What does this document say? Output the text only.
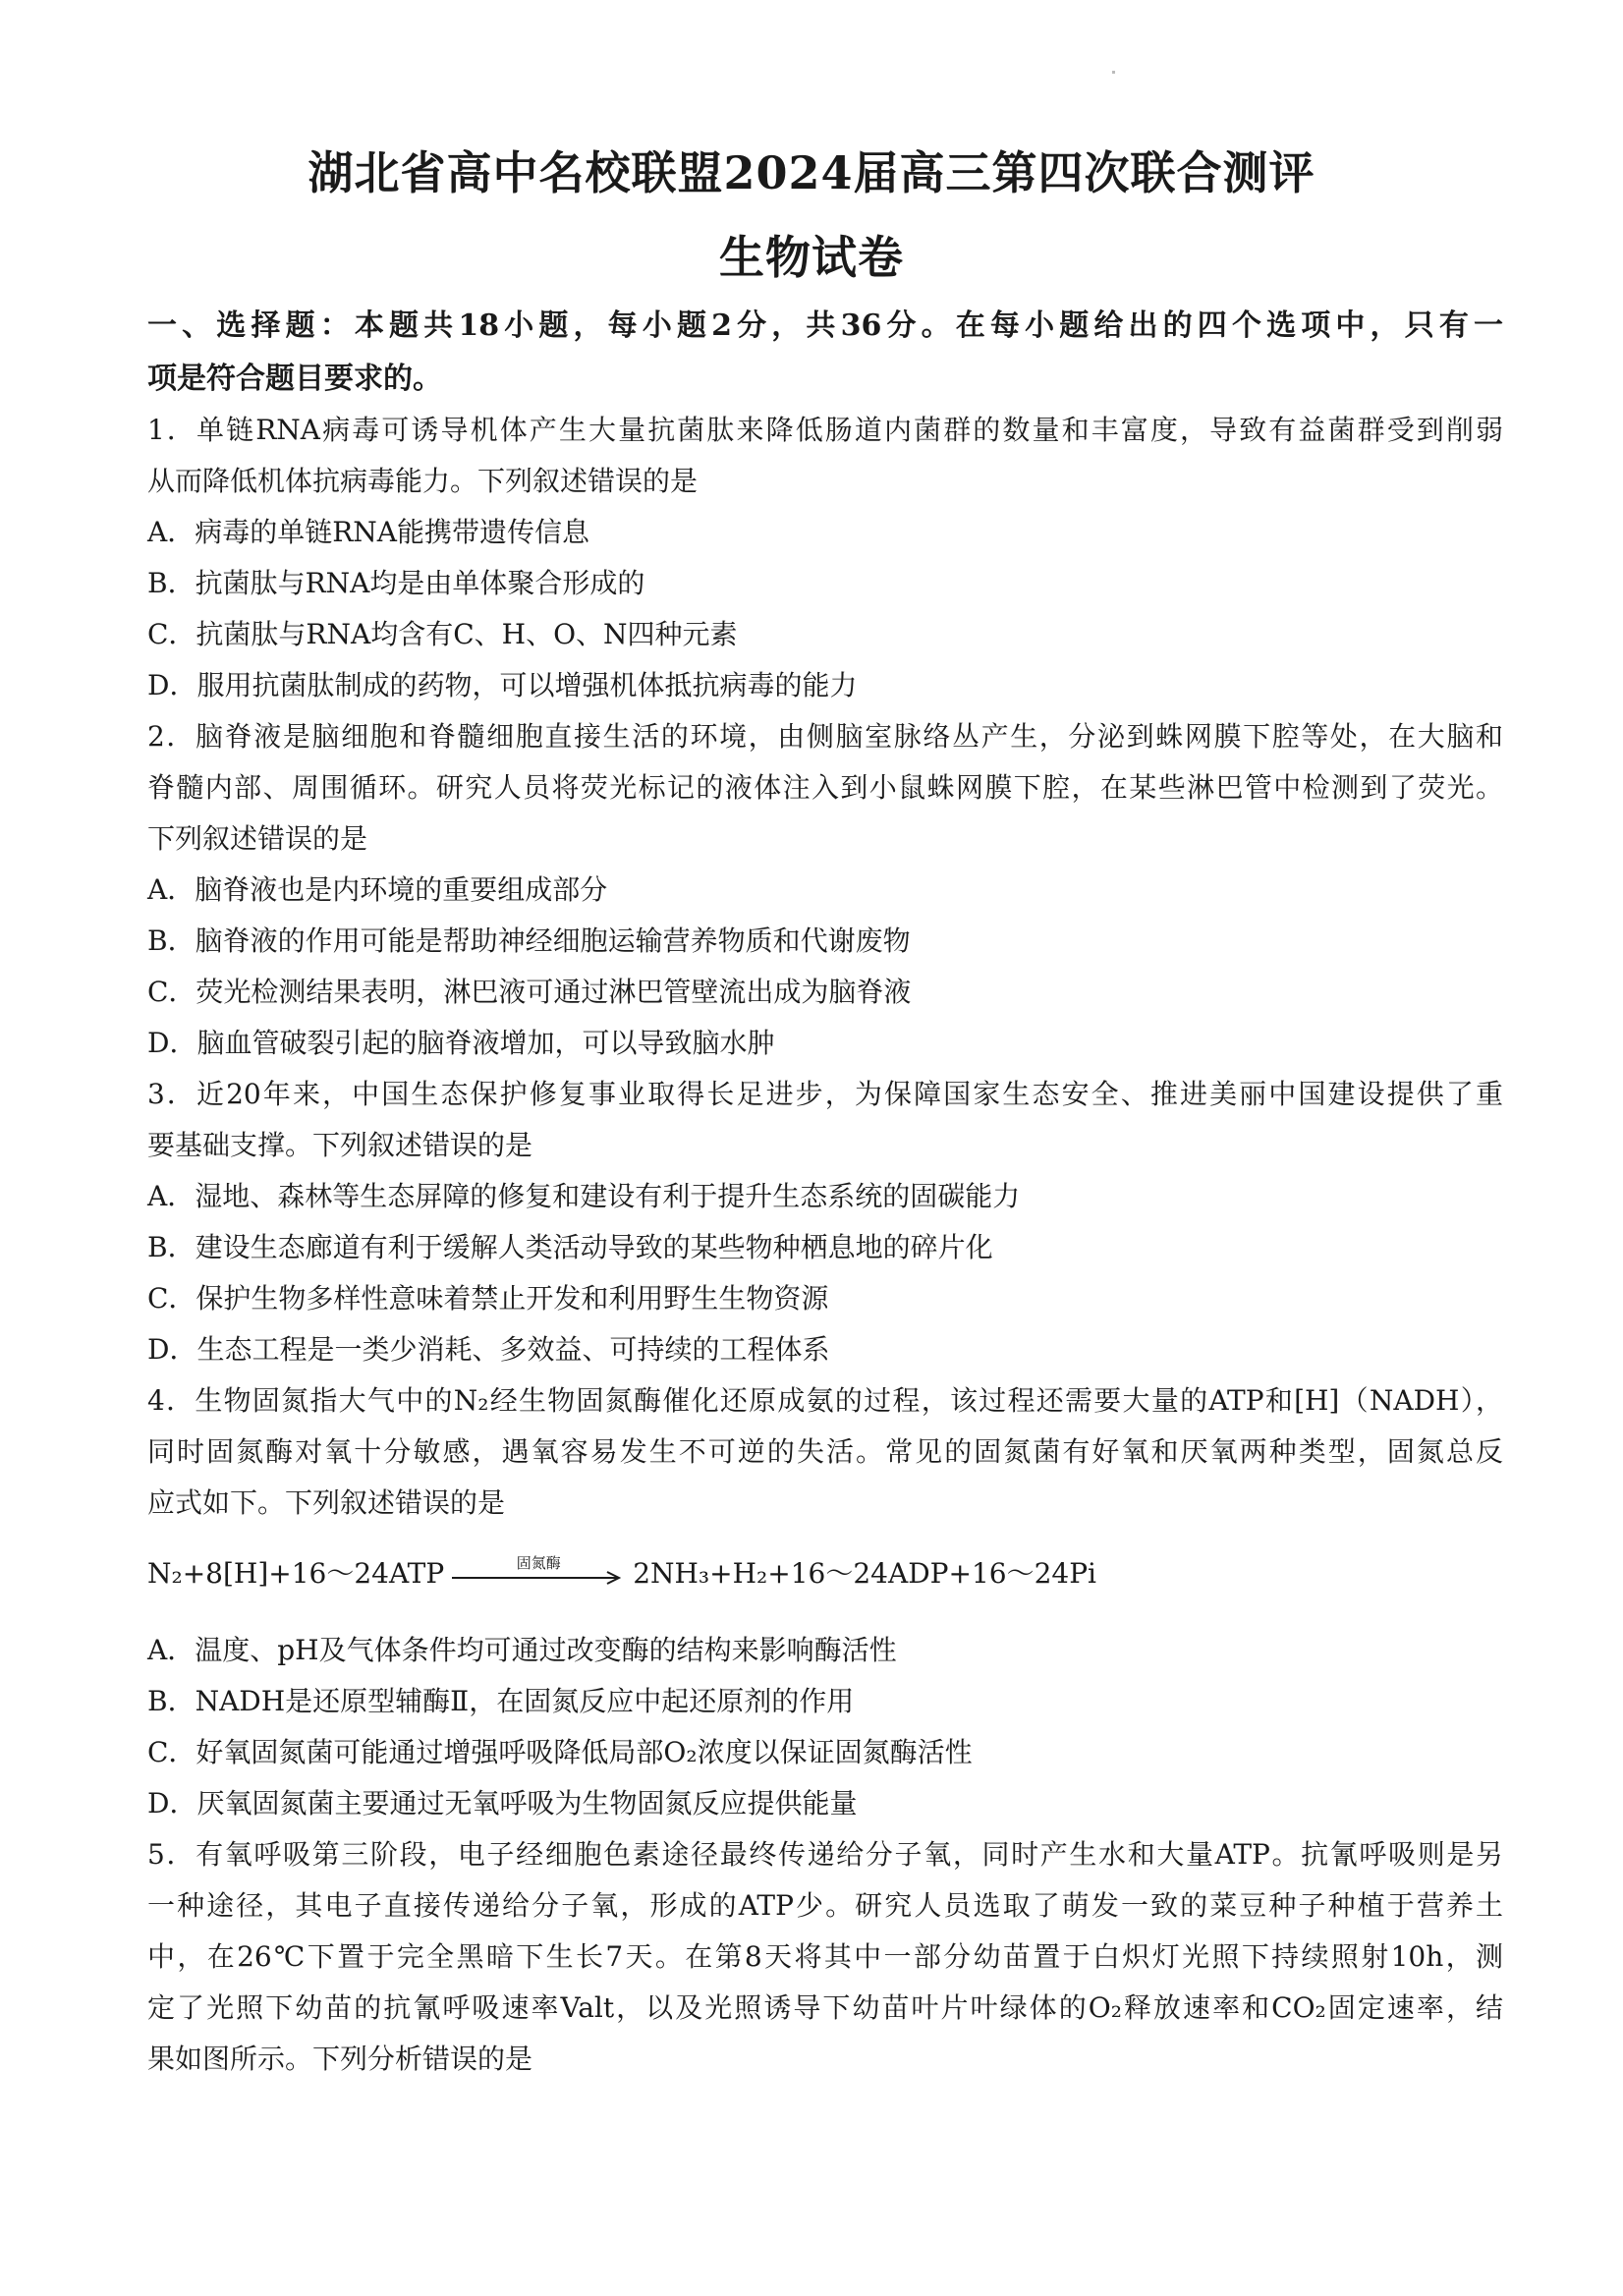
湖北省高中名校联盟2024届高三第四次联合测评
生物试卷
一、选择题：本题共18小题，每小题2分，共36分。在每小题给出的四个选项中，只有一
项是符合题目要求的。
1．单链RNA病毒可诱导机体产生大量抗菌肽来降低肠道内菌群的数量和丰富度，导致有益菌群受到削弱
从而降低机体抗病毒能力。下列叙述错误的是
A．病毒的单链RNA能携带遗传信息
B．抗菌肽与RNA均是由单体聚合形成的
C．抗菌肽与RNA均含有C、H、O、N四种元素
D．服用抗菌肽制成的药物，可以增强机体抵抗病毒的能力
2．脑脊液是脑细胞和脊髓细胞直接生活的环境，由侧脑室脉络丛产生，分泌到蛛网膜下腔等处，在大脑和
脊髓内部、周围循环。研究人员将荧光标记的液体注入到小鼠蛛网膜下腔，在某些淋巴管中检测到了荧光。
下列叙述错误的是
A．脑脊液也是内环境的重要组成部分
B．脑脊液的作用可能是帮助神经细胞运输营养物质和代谢废物
C．荧光检测结果表明，淋巴液可通过淋巴管壁流出成为脑脊液
D．脑血管破裂引起的脑脊液增加，可以导致脑水肿
3．近20年来，中国生态保护修复事业取得长足进步，为保障国家生态安全、推进美丽中国建设提供了重
要基础支撑。下列叙述错误的是
A．湿地、森林等生态屏障的修复和建设有利于提升生态系统的固碳能力
B．建设生态廊道有利于缓解人类活动导致的某些物种栖息地的碎片化
C．保护生物多样性意味着禁止开发和利用野生生物资源
D．生态工程是一类少消耗、多效益、可持续的工程体系
4．生物固氮指大气中的N₂经生物固氮酶催化还原成氨的过程，该过程还需要大量的ATP和[H]（NADH），
同时固氮酶对氧十分敏感，遇氧容易发生不可逆的失活。常见的固氮菌有好氧和厌氧两种类型，固氮总反
应式如下。下列叙述错误的是
N₂+8[H]+16～24ATP	固氮酶	2NH₃+H₂+16～24ADP+16～24Pi
A．温度、pH及气体条件均可通过改变酶的结构来影响酶活性
B．NADH是还原型辅酶Ⅱ，在固氮反应中起还原剂的作用
C．好氧固氮菌可能通过增强呼吸降低局部O₂浓度以保证固氮酶活性
D．厌氧固氮菌主要通过无氧呼吸为生物固氮反应提供能量
5．有氧呼吸第三阶段，电子经细胞色素途径最终传递给分子氧，同时产生水和大量ATP。抗氰呼吸则是另
一种途径，其电子直接传递给分子氧，形成的ATP少。研究人员选取了萌发一致的菜豆种子种植于营养土
中，在26℃下置于完全黑暗下生长7天。在第8天将其中一部分幼苗置于白炽灯光照下持续照射10h，测
定了光照下幼苗的抗氰呼吸速率Valt，以及光照诱导下幼苗叶片叶绿体的O₂释放速率和CO₂固定速率，结
果如图所示。下列分析错误的是
